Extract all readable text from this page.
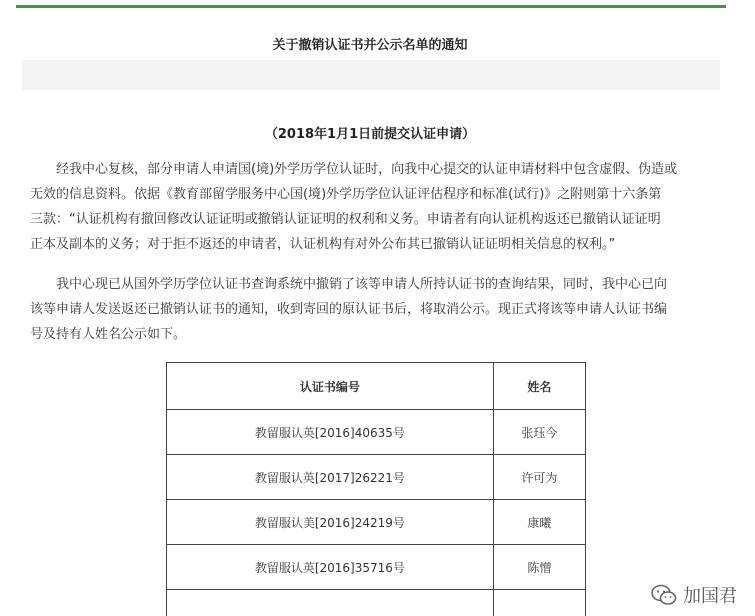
关于撤销认证书并公示名单的通知
（2018年1月1日前提交认证申请）
经我中心复核，部分申请人申请国(境)外学历学位认证时，向我中心提交的认证申请材料中包含虚假、伪造或
无效的信息资料。依据《教育部留学服务中心国(境)外学历学位认证评估程序和标准(试行)》之附则第十六条第
三款：“认证机构有撤回修改认证证明或撤销认证证明的权利和义务。申请者有向认证机构返还已撤销认证证明
正本及副本的义务；对于拒不返还的申请者，认证机构有对外公布其已撤销认证证明相关信息的权利。”
我中心现已从国外学历学位认证书查询系统中撤销了该等申请人所持认证书的查询结果，同时，我中心已向
该等申请人发送返还已撤销认证书的通知，收到寄回的原认证书后，将取消公示。现正式将该等申请人认证书编
号及持有人姓名公示如下。
认证书编号	姓名
教留服认英[2016]40635号	张珏今
教留服认英[2017]26221号	许可为
教留服认美[2016]24219号	康曦
教留服认英[2016]35716号	陈憎

加国君
